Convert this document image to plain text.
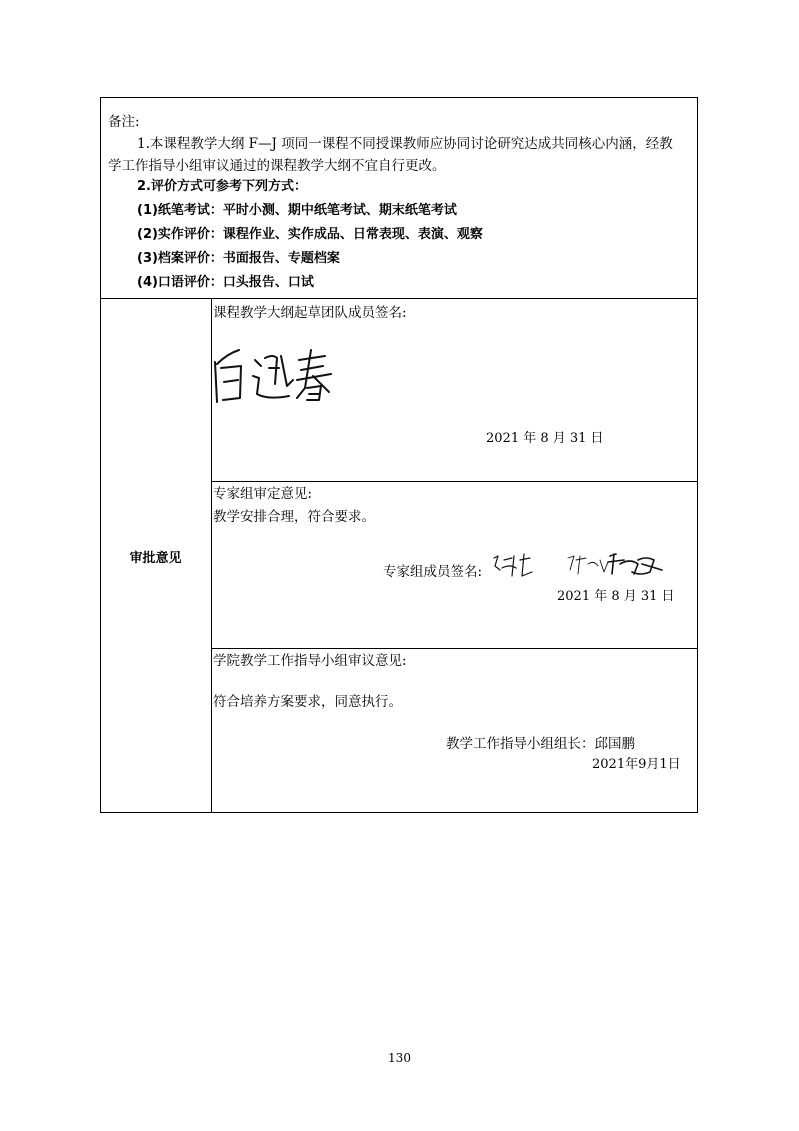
备注:
1.本课程教学大纲 F—J 项同一课程不同授课教师应协同讨论研究达成共同核心内涵，经教
学工作指导小组审议通过的课程教学大纲不宜自行更改。
2.评价方式可参考下列方式：
(1)纸笔考试：平时小测、期中纸笔考试、期末纸笔考试
(2)实作评价：课程作业、实作成品、日常表现、表演、观察
(3)档案评价：书面报告、专题档案
(4)口语评价：口头报告、口试
审批意见
课程教学大纲起草团队成员签名:
2021 年 8 月 31 日
专家组审定意见:
教学安排合理，符合要求。
专家组成员签名:
2021 年 8 月 31 日
学院教学工作指导小组审议意见:
符合培养方案要求，同意执行。
教学工作指导小组组长：邱国鹏
2021年9月1日
130
